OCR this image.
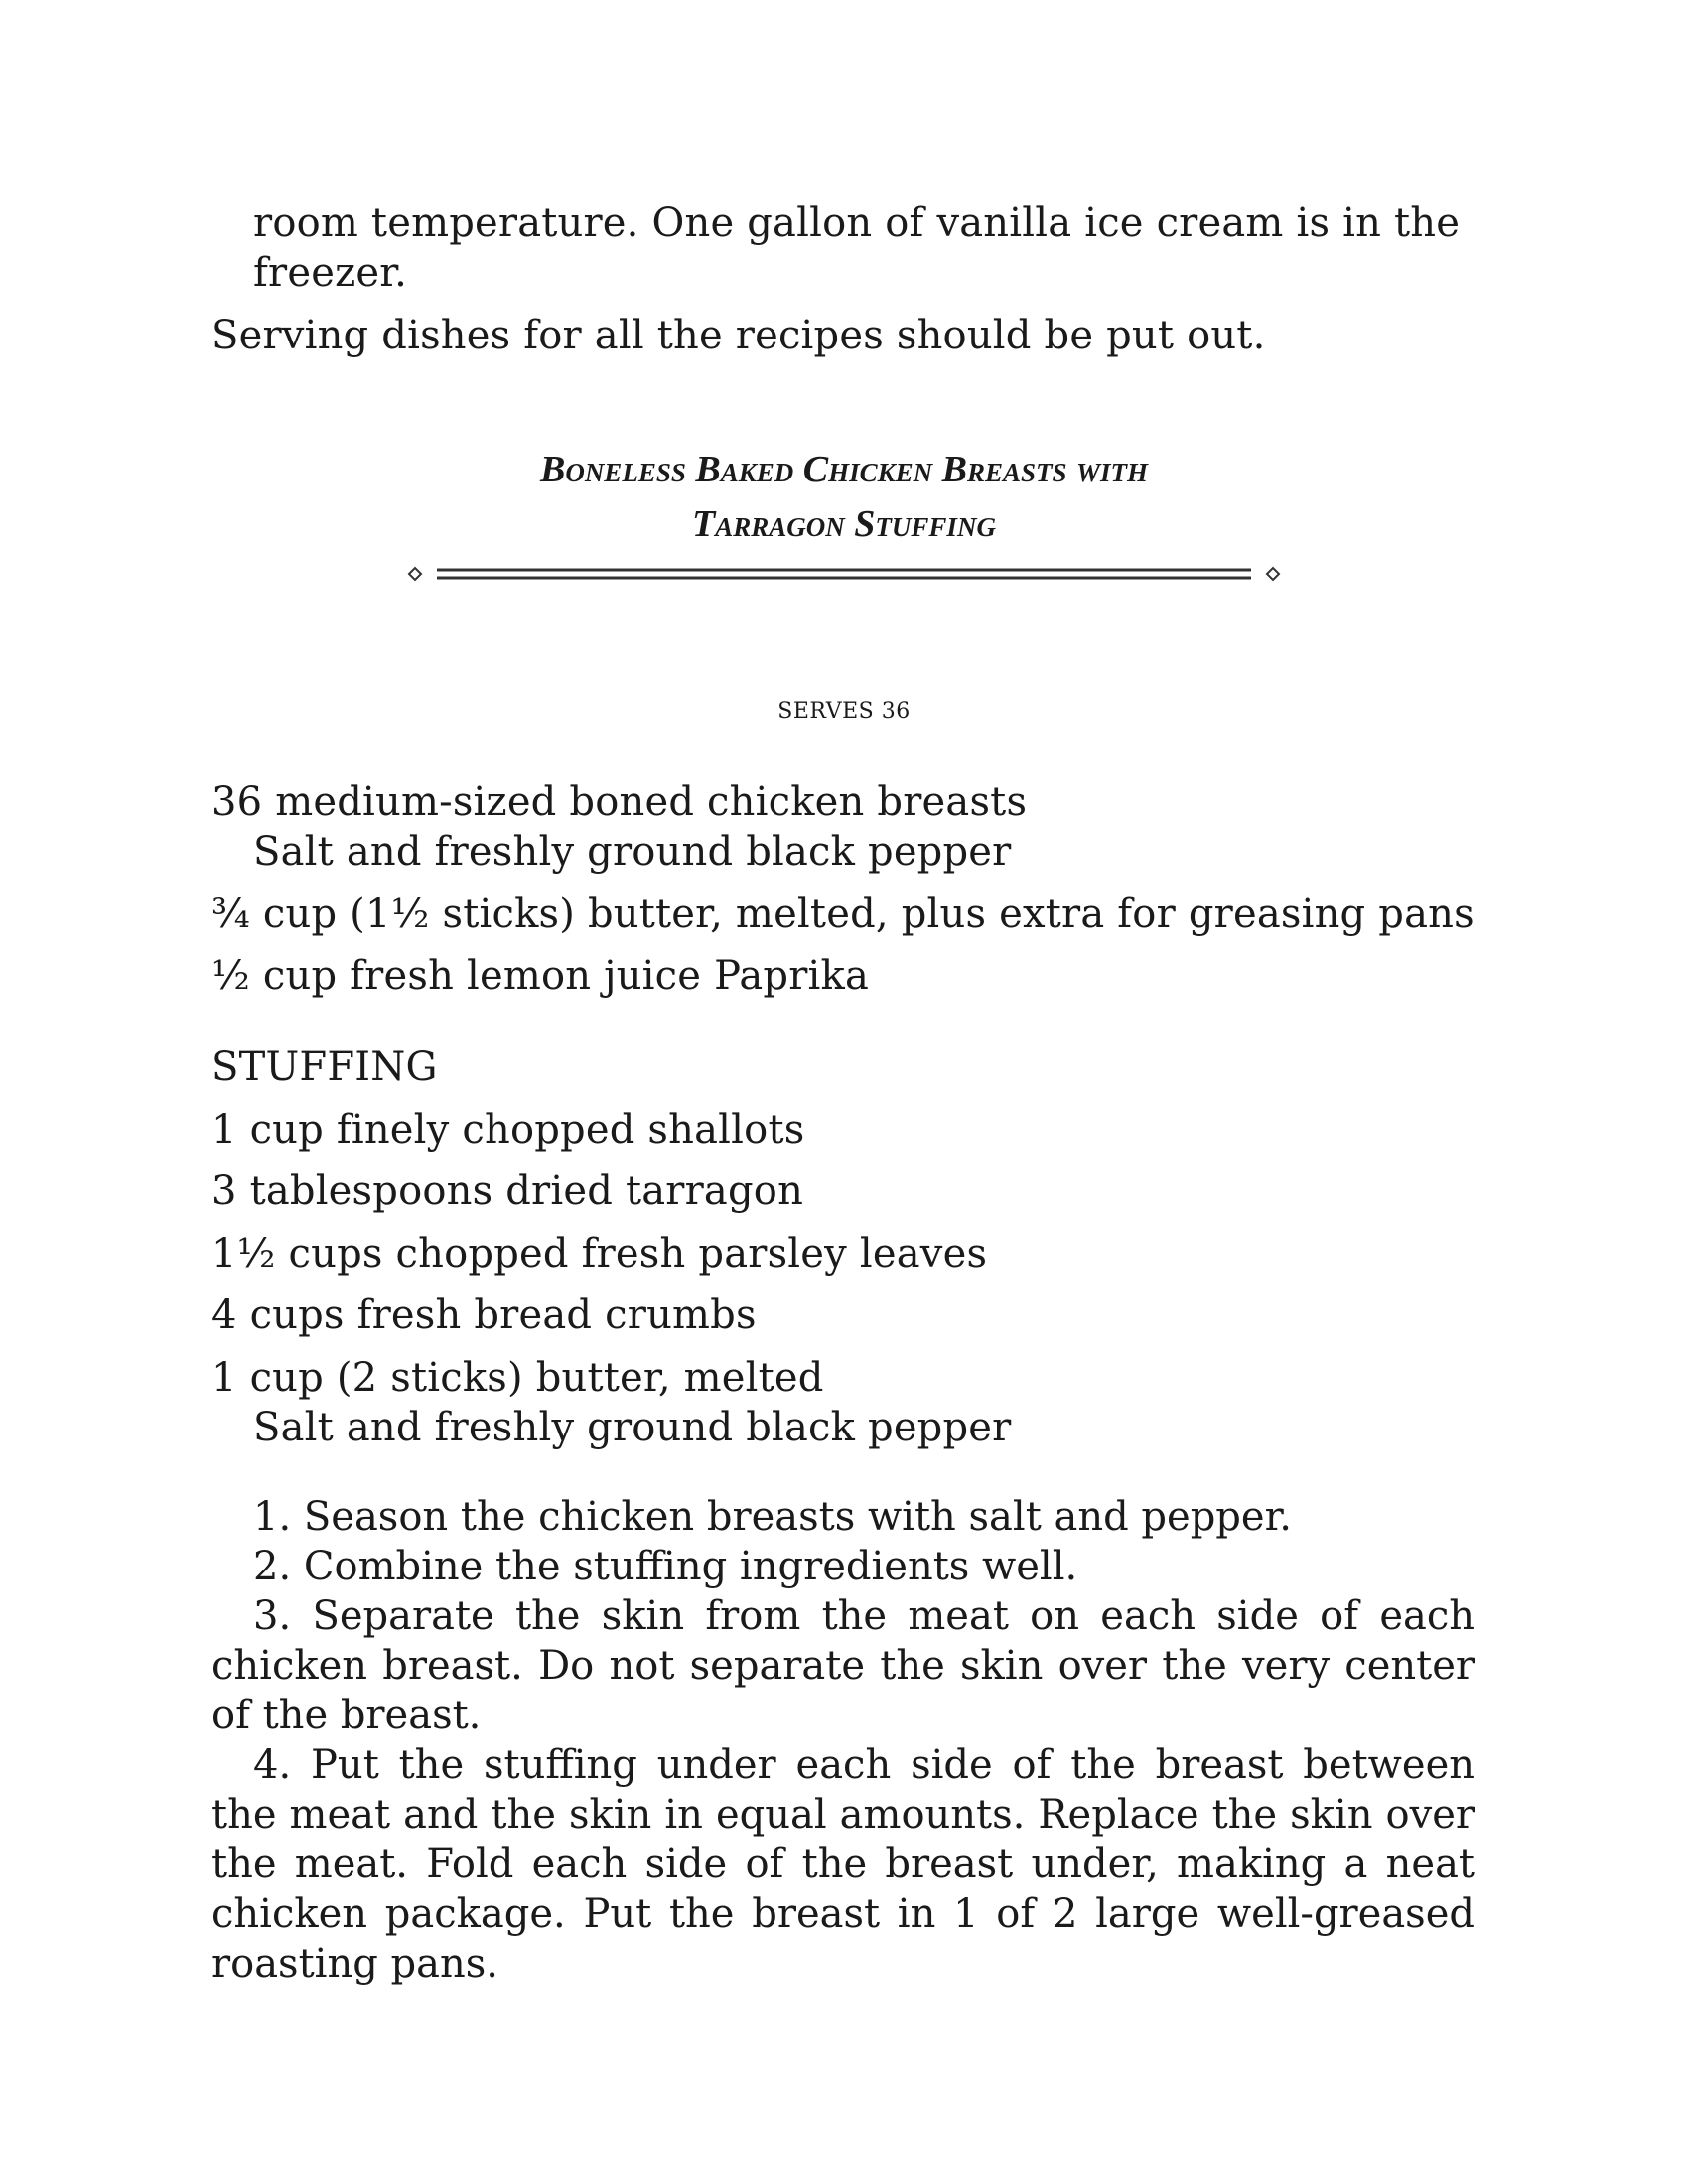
room temperature. One gallon of vanilla ice cream is in the
freezer.
Serving dishes for all the recipes should be put out.
Boneless Baked Chicken Breasts with
Tarragon Stuffing
SERVES 36
36 medium-sized boned chicken breasts
Salt and freshly ground black pepper
¾ cup (1½ sticks) butter, melted, plus extra for greasing pans
½ cup fresh lemon juice Paprika
STUFFING
1 cup finely chopped shallots
3 tablespoons dried tarragon
1½ cups chopped fresh parsley leaves
4 cups fresh bread crumbs
1 cup (2 sticks) butter, melted
Salt and freshly ground black pepper

1. Season the chicken breasts with salt and pepper.

2. Combine the stuffing ingredients well.

3. Separate the skin from the meat on each side of each chicken breast. Do not separate the skin over the very center of the breast.

4. Put the stuffing under each side of the breast between the meat and the skin in equal amounts. Replace the skin over the meat. Fold each side of the breast under, making a neat chicken package. Put the breast in 1 of 2 large well-greased roasting pans.
